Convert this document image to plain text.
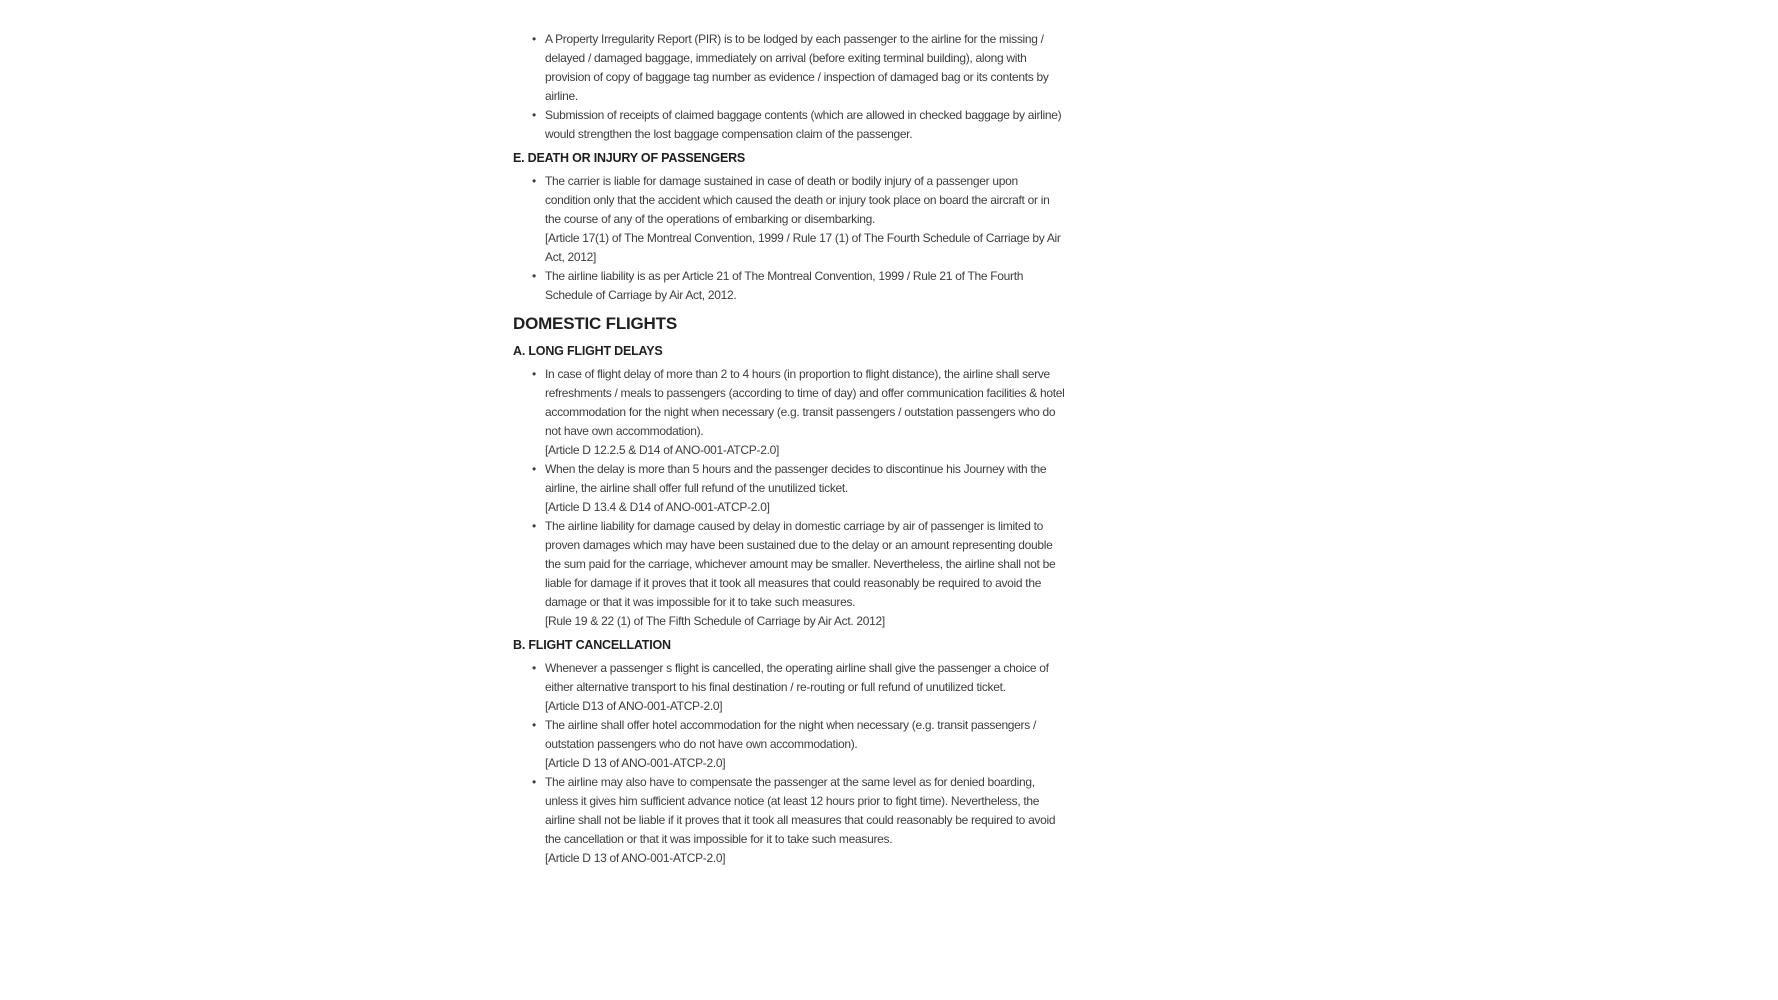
• A Property Irregularity Report (PIR) is to be lodged by each passenger to the airline for the missing / delayed / damaged baggage, immediately on arrival (before exiting terminal building), along with provision of copy of baggage tag number as evidence / inspection of damaged bag or its contents by airline.
• Submission of receipts of claimed baggage contents (which are allowed in checked baggage by airline) would strengthen the lost baggage compensation claim of the passenger.
E. DEATH OR INJURY OF PASSENGERS
• The carrier is liable for damage sustained in case of death or bodily injury of a passenger upon condition only that the accident which caused the death or injury took place on board the aircraft or in the course of any of the operations of embarking or disembarking.
[Article 17(1) of The Montreal Convention, 1999 / Rule 17 (1) of The Fourth Schedule of Carriage by Air Act, 2012]
• The airline liability is as per Article 21 of The Montreal Convention, 1999 / Rule 21 of The Fourth Schedule of Carriage by Air Act, 2012.
DOMESTIC FLIGHTS
A. LONG FLIGHT DELAYS
• In case of flight delay of more than 2 to 4 hours (in proportion to flight distance), the airline shall serve refreshments / meals to passengers (according to time of day) and offer communication facilities & hotel accommodation for the night when necessary (e.g. transit passengers / outstation passengers who do not have own accommodation).
[Article D 12.2.5 & D14 of ANO-001-ATCP-2.0]
• When the delay is more than 5 hours and the passenger decides to discontinue his Journey with the airline, the airline shall offer full refund of the unutilized ticket.
[Article D 13.4 & D14 of ANO-001-ATCP-2.0]
• The airline liability for damage caused by delay in domestic carriage by air of passenger is limited to proven damages which may have been sustained due to the delay or an amount representing double the sum paid for the carriage, whichever amount may be smaller. Nevertheless, the airline shall not be liable for damage if it proves that it took all measures that could reasonably be required to avoid the damage or that it was impossible for it to take such measures.
[Rule 19 & 22 (1) of The Fifth Schedule of Carriage by Air Act. 2012]
B. FLIGHT CANCELLATION
• Whenever a passenger s flight is cancelled, the operating airline shall give the passenger a choice of either alternative transport to his final destination / re-routing or full refund of unutilized ticket.
[Article D13 of ANO-001-ATCP-2.0]
• The airline shall offer hotel accommodation for the night when necessary (e.g. transit passengers / outstation passengers who do not have own accommodation).
[Article D 13 of ANO-001-ATCP-2.0]
• The airline may also have to compensate the passenger at the same level as for denied boarding, unless it gives him sufficient advance notice (at least 12 hours prior to fight time). Nevertheless, the airline shall not be liable if it proves that it took all measures that could reasonably be required to avoid the cancellation or that it was impossible for it to take such measures.
[Article D 13 of ANO-001-ATCP-2.0]
